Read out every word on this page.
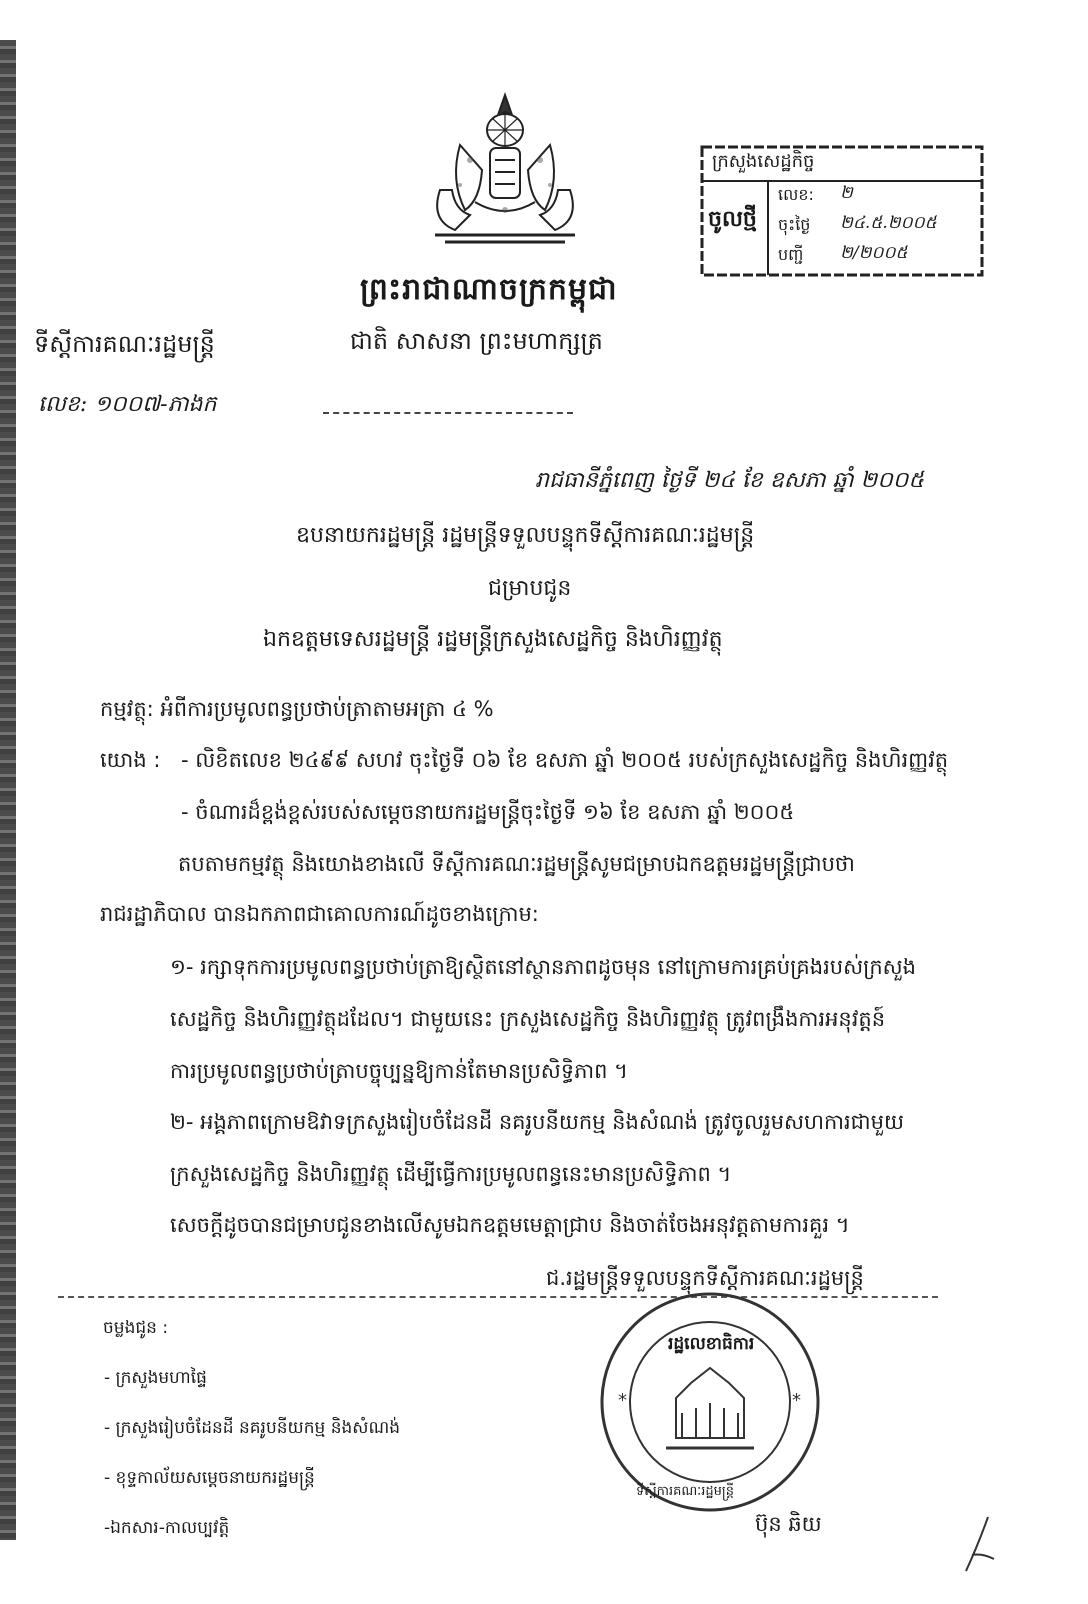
ក្រសួងសេដ្ឋកិច្ច
ចូលថ្មី
លេខ: ២
ចុះថ្ងៃ ២៤.៥.២០០៥
បញ្ជី ២/២០០៥
ព្រះរាជាណាចក្រកម្ពុជា
ជាតិ សាសនា ព្រះមហាក្សត្រ
ទីស្ដីការគណៈរដ្ឋមន្ត្រី
លេខ: ១០០៧-ភាងក
រាជធានីភ្នំពេញ ថ្ងៃទី ២៤ ខែ ឧសភា ឆ្នាំ ២០០៥
ឧបនាយករដ្ឋមន្ត្រី រដ្ឋមន្ត្រីទទួលបន្ទុកទីស្ដីការគណៈរដ្ឋមន្ត្រី
ជម្រាបជូន
ឯកឧត្តមទេសរដ្ឋមន្ត្រី រដ្ឋមន្ត្រីក្រសួងសេដ្ឋកិច្ច និងហិរញ្ញវត្ថុ
កម្មវត្ថុ: អំពីការប្រមូលពន្ធប្រថាប់ត្រាតាមអត្រា ៤ %
យោង : - លិខិតលេខ ២៤៩៩ សហវ ចុះថ្ងៃទី ០៦ ខែ ឧសភា ឆ្នាំ ២០០៥ របស់ក្រសួងសេដ្ឋកិច្ច និងហិរញ្ញវត្ថុ
- ចំណារដ៏ខ្ពង់ខ្ពស់របស់សម្ដេចនាយករដ្ឋមន្ត្រីចុះថ្ងៃទី ១៦ ខែ ឧសភា ឆ្នាំ ២០០៥
តបតាមកម្មវត្ថុ និងយោងខាងលើ ទីស្ដីការគណៈរដ្ឋមន្ត្រីសូមជម្រាបឯកឧត្តមរដ្ឋមន្ត្រីជ្រាបថា
រាជរដ្ឋាភិបាល បានឯកភាពជាគោលការណ៍ដូចខាងក្រោម:
១- រក្សាទុកការប្រមូលពន្ធប្រថាប់ត្រាឱ្យស្ថិតនៅស្ថានភាពដូចមុន នៅក្រោមការគ្រប់គ្រងរបស់ក្រសួង
សេដ្ឋកិច្ច និងហិរញ្ញវត្ថុដដែល។ ជាមួយនេះ ក្រសួងសេដ្ឋកិច្ច និងហិរញ្ញវត្ថុ ត្រូវពង្រឹងការអនុវត្តន៍
ការប្រមូលពន្ធប្រថាប់ត្រាបច្ចុប្បន្នឱ្យកាន់តែមានប្រសិទ្ធិភាព ។
២- អង្គភាពក្រោមឱវាទក្រសួងរៀបចំដែនដី នគរូបនីយកម្ម និងសំណង់ ត្រូវចូលរួមសហការជាមួយ
ក្រសួងសេដ្ឋកិច្ច និងហិរញ្ញវត្ថុ ដើម្បីធ្វើការប្រមូលពន្ធនេះមានប្រសិទ្ធិភាព ។
សេចក្ដីដូចបានជម្រាបជូនខាងលើសូមឯកឧត្តមមេត្តាជ្រាប និងចាត់ចែងអនុវត្តតាមការគួរ ។
ជ.រដ្ឋមន្ត្រីទទួលបន្ទុកទីស្ដីការគណៈរដ្ឋមន្ត្រី
ចម្លងជូន :
- ក្រសួងមហាផ្ទៃ
- ក្រសួងរៀបចំដែនដី នគរូបនីយកម្ម និងសំណង់
- ខុទ្ទកាល័យសម្ដេចនាយករដ្ឋមន្ត្រី
-ឯកសារ-កាលប្បវត្តិ
*	*
រដ្ឋលេខាធិការ
ទីស្ដីការគណៈរដ្ឋមន្ត្រី
ប៊ុន ឆិយ
